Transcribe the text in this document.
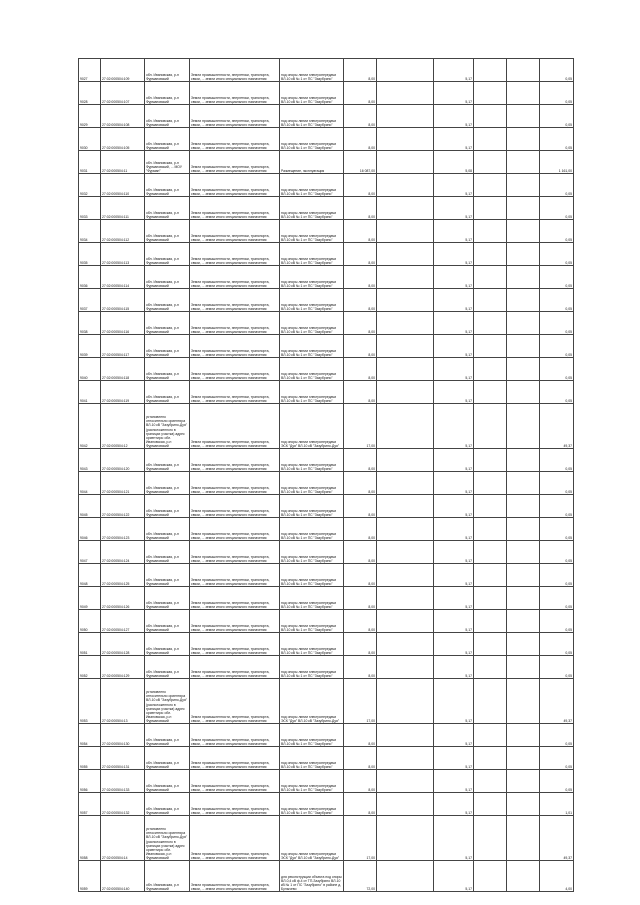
9027	27:02:000504:109	обл. Ивановская, р-н Фурмановский	Земли промышленности, энергетики, транспорта, связи, ... земли иного специального назначения	под опоры линии электропередачи ВЛ-10 кВ № 1 от ПС "Зазубрино"	8,00		5,17			0,05
9028	27:02:000504:107	обл. Ивановская, р-н Фурмановский	Земли промышленности, энергетики, транспорта, связи, ... земли иного специального назначения	под опоры линии электропередачи ВЛ-10 кВ № 1 от ПС "Зазубрино"	8,00		5,17			0,05
9029	27:02:000504:108	обл. Ивановская, р-н Фурмановский	Земли промышленности, энергетики, транспорта, связи, ... земли иного специального назначения	под опоры линии электропередачи ВЛ-10 кВ № 1 от ПС "Зазубрино"	8,00		5,17			0,05
9030	27:02:000504:105	обл. Ивановская, р-н Фурмановский	Земли промышленности, энергетики, транспорта, связи, ... земли иного специального назначения	под опоры линии электропередачи ВЛ-10 кВ № 1 от ПС "Зазубрино"	8,00		5,17			0,05
9031	27:02:000504:11	обл. Ивановская, р-н Фурмановский, ... МОУ "Фурман"	Земли промышленности, энергетики, транспорта, связи, ... земли иного специального назначения	Размещение, эксплуатация	16 087,00		5,08			1 161,00
9032	27:02:000504:110	обл. Ивановская, р-н Фурмановский	Земли промышленности, энергетики, транспорта, связи, ... земли иного специального назначения	под опоры линии электропередачи ВЛ-10 кВ № 1 от ПС "Зазубрино"	8,00		5,17			0,05
9033	27:02:000504:111	обл. Ивановская, р-н Фурмановский	Земли промышленности, энергетики, транспорта, связи, ... земли иного специального назначения	под опоры линии электропередачи ВЛ-10 кВ № 1 от ПС "Зазубрино"	8,00		5,17			0,05
9034	27:02:000504:112	обл. Ивановская, р-н Фурмановский	Земли промышленности, энергетики, транспорта, связи, ... земли иного специального назначения	под опоры линии электропередачи ВЛ-10 кВ № 1 от ПС "Зазубрино"	8,00		5,17			0,05
9035	27:02:000504:113	обл. Ивановская, р-н Фурмановский	Земли промышленности, энергетики, транспорта, связи, ... земли иного специального назначения	под опоры линии электропередачи ВЛ-10 кВ № 1 от ПС "Зазубрино"	8,00		5,17			0,05
9036	27:02:000504:114	обл. Ивановская, р-н Фурмановский	Земли промышленности, энергетики, транспорта, связи, ... земли иного специального назначения	под опоры линии электропередачи ВЛ-10 кВ № 1 от ПС "Зазубрино"	8,00		5,17			0,05
9037	27:02:000504:115	обл. Ивановская, р-н Фурмановский	Земли промышленности, энергетики, транспорта, связи, ... земли иного специального назначения	под опоры линии электропередачи ВЛ-10 кВ № 1 от ПС "Зазубрино"	8,00		5,17			0,05
9038	27:02:000504:116	обл. Ивановская, р-н Фурмановский	Земли промышленности, энергетики, транспорта, связи, ... земли иного специального назначения	под опоры линии электропередачи ВЛ-10 кВ № 1 от ПС "Зазубрино"	8,00		5,17			0,05
9039	27:02:000504:117	обл. Ивановская, р-н Фурмановский	Земли промышленности, энергетики, транспорта, связи, ... земли иного специального назначения	под опоры линии электропередачи ВЛ-10 кВ № 1 от ПС "Зазубрино"	8,00		5,17			0,05
9040	27:02:000504:118	обл. Ивановская, р-н Фурмановский	Земли промышленности, энергетики, транспорта, связи, ... земли иного специального назначения	под опоры линии электропередачи ВЛ-10 кВ № 1 от ПС "Зазубрино"	8,00		5,17			0,05
9041	27:02:000504:119	обл. Ивановская, р-н Фурмановский	Земли промышленности, энергетики, транспорта, связи, ... земли иного специального назначения	под опоры линии электропередачи ВЛ-10 кВ № 1 от ПС "Зазубрино"	8,00		5,17			0,05
9042	27:02:000504:12	установлено относительно ориентира ВЛ-10 кВ "Зазубрино-Дуя" (расположенного в границах участка) адрес ориентира: обл. Ивановская, р-н Фурмановский	Земли промышленности, энергетики, транспорта, связи, ... земли иного специального назначения	под опоры линии электропередачи ЭСК "Дуя" ВЛ-10 кВ "Зазубрино-Дуя"	17,00		5,17			49,37
9043	27:02:000504:120	обл. Ивановская, р-н Фурмановский	Земли промышленности, энергетики, транспорта, связи, ... земли иного специального назначения	под опоры линии электропередачи ВЛ-10 кВ № 1 от ПС "Зазубрино"	8,00		5,17			0,05
9044	27:02:000504:121	обл. Ивановская, р-н Фурмановский	Земли промышленности, энергетики, транспорта, связи, ... земли иного специального назначения	под опоры линии электропередачи ВЛ-10 кВ № 1 от ПС "Зазубрино"	8,00		5,17			0,05
9045	27:02:000504:122	обл. Ивановская, р-н Фурмановский	Земли промышленности, энергетики, транспорта, связи, ... земли иного специального назначения	под опоры линии электропередачи ВЛ-10 кВ № 1 от ПС "Зазубрино"	8,00		5,17			0,05
9046	27:02:000504:123	обл. Ивановская, р-н Фурмановский	Земли промышленности, энергетики, транспорта, связи, ... земли иного специального назначения	под опоры линии электропередачи ВЛ-10 кВ № 1 от ПС "Зазубрино"	8,00		5,17			0,05
9047	27:02:000504:124	обл. Ивановская, р-н Фурмановский	Земли промышленности, энергетики, транспорта, связи, ... земли иного специального назначения	под опоры линии электропередачи ВЛ-10 кВ № 1 от ПС "Зазубрино"	8,00		5,17			0,05
9048	27:02:000504:125	обл. Ивановская, р-н Фурмановский	Земли промышленности, энергетики, транспорта, связи, ... земли иного специального назначения	под опоры линии электропередачи ВЛ-10 кВ № 1 от ПС "Зазубрино"	8,00		5,17			0,05
9049	27:02:000504:126	обл. Ивановская, р-н Фурмановский	Земли промышленности, энергетики, транспорта, связи, ... земли иного специального назначения	под опоры линии электропередачи ВЛ-10 кВ № 1 от ПС "Зазубрино"	8,00		5,17			0,05
9050	27:02:000504:127	обл. Ивановская, р-н Фурмановский	Земли промышленности, энергетики, транспорта, связи, ... земли иного специального назначения	под опоры линии электропередачи ВЛ-10 кВ № 1 от ПС "Зазубрино"	8,00		5,17			0,05
9051	27:02:000504:128	обл. Ивановская, р-н Фурмановский	Земли промышленности, энергетики, транспорта, связи, ... земли иного специального назначения	под опоры линии электропередачи ВЛ-10 кВ № 1 от ПС "Зазубрино"	8,00		5,17			0,05
9052	27:02:000504:129	обл. Ивановская, р-н Фурмановский	Земли промышленности, энергетики, транспорта, связи, ... земли иного специального назначения	под опоры линии электропередачи ВЛ-10 кВ № 1 от ПС "Зазубрино"	8,00		5,17			0,05
9053	27:02:000504:13	установлено относительно ориентира ВЛ-10 кВ "Зазубрино-Дуя" (расположенного в границах участка) адрес ориентира: обл. Ивановская, р-н Фурмановский	Земли промышленности, энергетики, транспорта, связи, ... земли иного специального назначения	под опоры линии электропередачи ЭСК "Дуя" ВЛ-10 кВ "Зазубрино-Дуя"	17,00		5,17			49,37
9054	27:02:000504:130	обл. Ивановская, р-н Фурмановский	Земли промышленности, энергетики, транспорта, связи, ... земли иного специального назначения	под опоры линии электропередачи ВЛ-10 кВ № 1 от ПС "Зазубрино"	8,00		5,17			0,05
9055	27:02:000504:131	обл. Ивановская, р-н Фурмановский	Земли промышленности, энергетики, транспорта, связи, ... земли иного специального назначения	под опоры линии электропередачи ВЛ-10 кВ № 1 от ПС "Зазубрино"	8,00		5,17			0,05
9056	27:02:000504:133	обл. Ивановская, р-н Фурмановский	Земли промышленности, энергетики, транспорта, связи, ... земли иного специального назначения	под опоры линии электропередачи ВЛ-10 кВ № 1 от ПС "Зазубрино"	8,00		5,17			0,05
9057	27:02:000504:132	обл. Ивановская, р-н Фурмановский	Земли промышленности, энергетики, транспорта, связи, ... земли иного специального назначения	под опоры линии электропередачи ВЛ-10 кВ № 1 от ПС "Зазубрино"	8,00		5,17			1,01
9058	27:02:000504:14	установлено относительно ориентира ВЛ-10 кВ "Зазубрино-Дуя" (расположенного в границах участка) адрес ориентира: обл. Ивановская, р-н Фурмановский	Земли промышленности, энергетики, транспорта, связи, ... земли иного специального назначения	под опоры линии электропередачи ЭСК "Дуя" ВЛ-10 кВ "Зазубрино-Дуя"	17,00		5,17			49,37
9059	27:02:000504:140	обл. Ивановская, р-н Фурмановский	Земли промышленности, энергетики, транспорта, связи, ... земли иного специального назначения	для реконструкции объекта под опоры ВЛ-0,4 кВ ф.4 от ТП-Зазубрино ВЛ-10 кВ № 1 от ПС "Зазубрино" в районе д. Булычево	72,00		5,17			4,00
